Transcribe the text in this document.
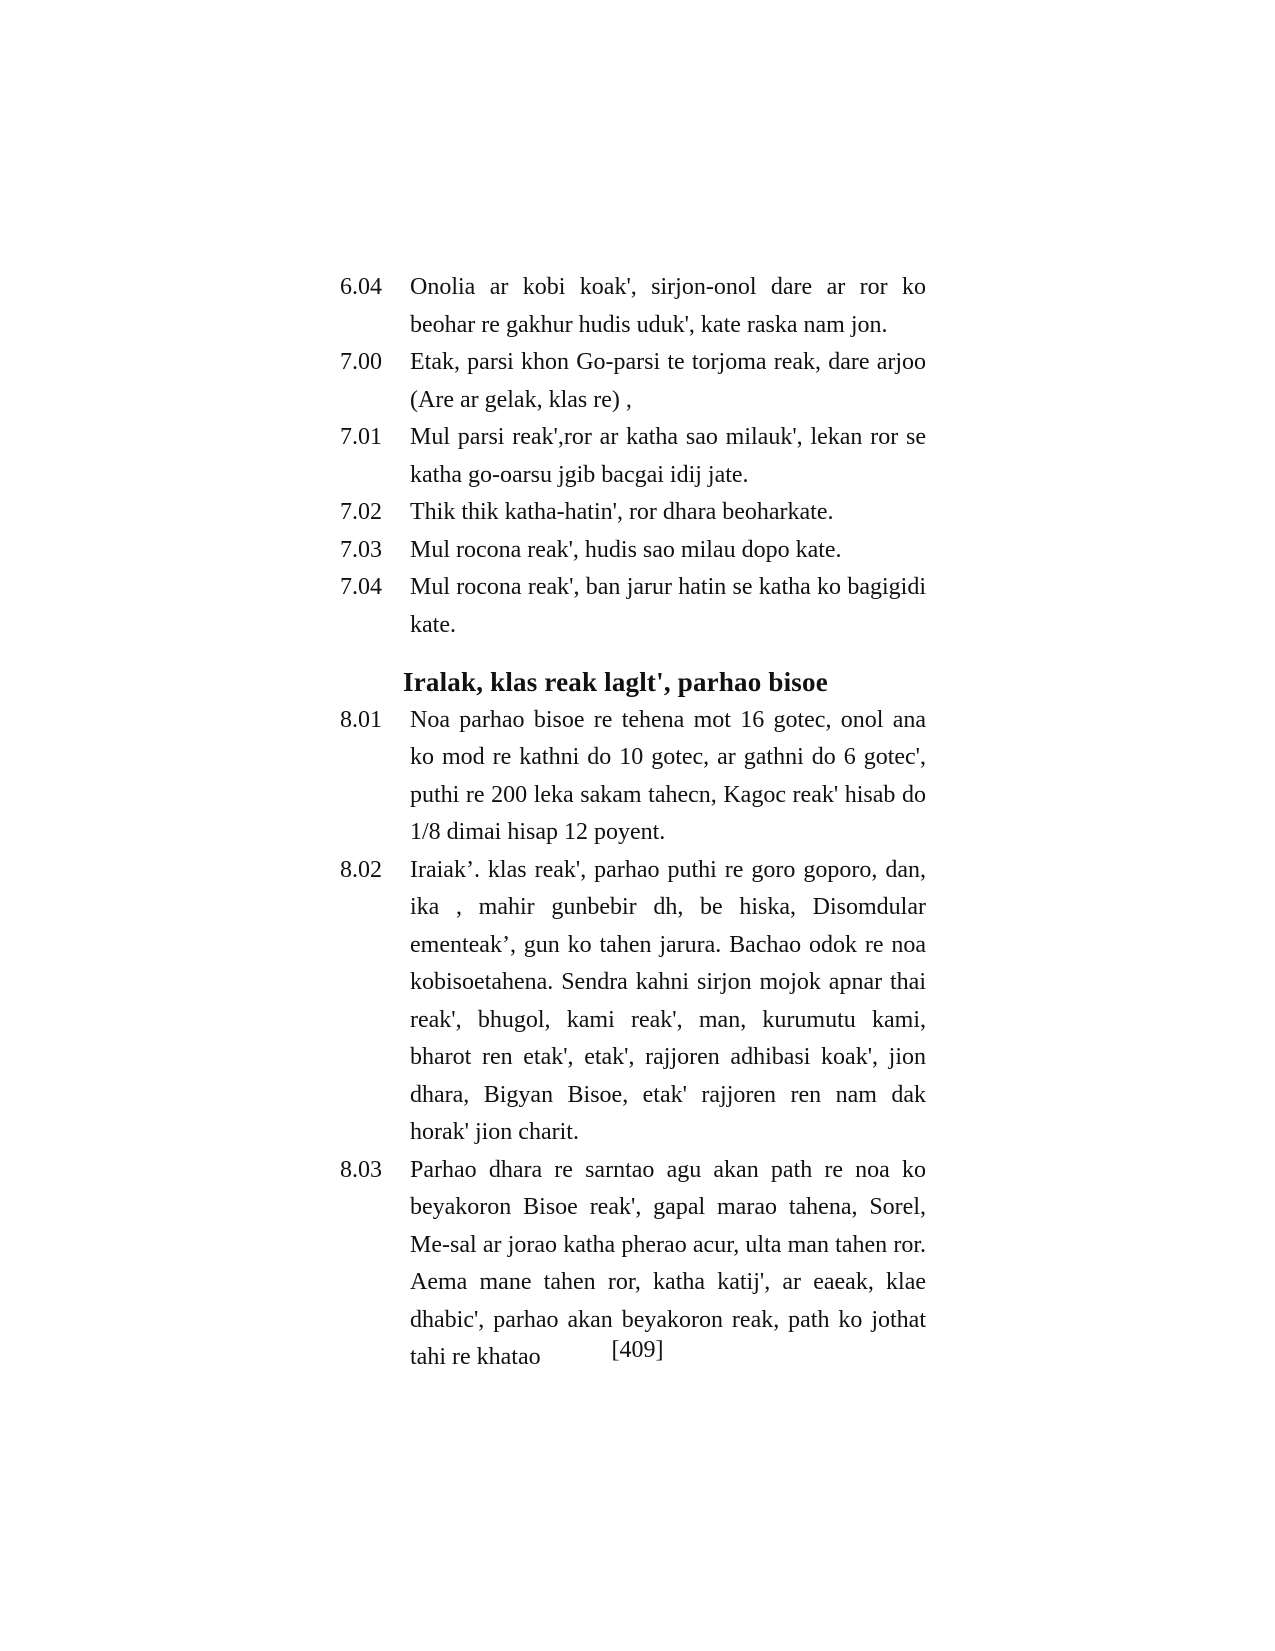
6.04	Onolia ar kobi koak', sirjon-onol dare ar ror ko beohar re gakhur hudis uduk', kate raska nam jon.
7.00	Etak, parsi khon Go-parsi te torjoma reak, dare arjoo (Are ar gelak, klas re) ,
7.01	Mul parsi reak',ror ar katha sao milauk', lekan ror se katha go-oarsu jgib bacgai idij jate.
7.02	Thik thik katha-hatin', ror dhara beoharkate.
7.03	Mul rocona reak', hudis sao milau dopo kate.
7.04	Mul rocona reak', ban jarur hatin se katha ko bagigidi kate.
Iralak, klas reak laglt', parhao bisoe
8.01	Noa parhao bisoe re tehena mot 16 gotec, onol ana ko mod re kathni do 10 gotec, ar gathni do 6 gotec', puthi re 200 leka sakam tahecn, Kagoc reak' hisab do 1/8 dimai hisap 12 poyent.
8.02	Iraiak’. klas reak', parhao puthi re goro goporo, dan, ika , mahir gunbebir dh, be hiska, Disomdular ementeak’, gun ko tahen jarura. Bachao odok re noa kobisoetahena. Sendra kahni sirjon mojok apnar thai reak', bhugol, kami reak', man, kurumutu kami, bharot ren etak', etak', rajjoren adhibasi koak', jion dhara, Bigyan Bisoe, etak' rajjoren ren nam dak horak' jion charit.
8.03	Parhao dhara re sarntao agu akan path re noa ko beyakoron Bisoe reak', gapal marao tahena, Sorel, Me-sal ar jorao katha pherao acur, ulta man tahen ror. Aema mane tahen ror, katha katij', ar eaeak, klae dhabic', parhao akan beyakoron reak, path ko jothat tahi re khatao	[409]
